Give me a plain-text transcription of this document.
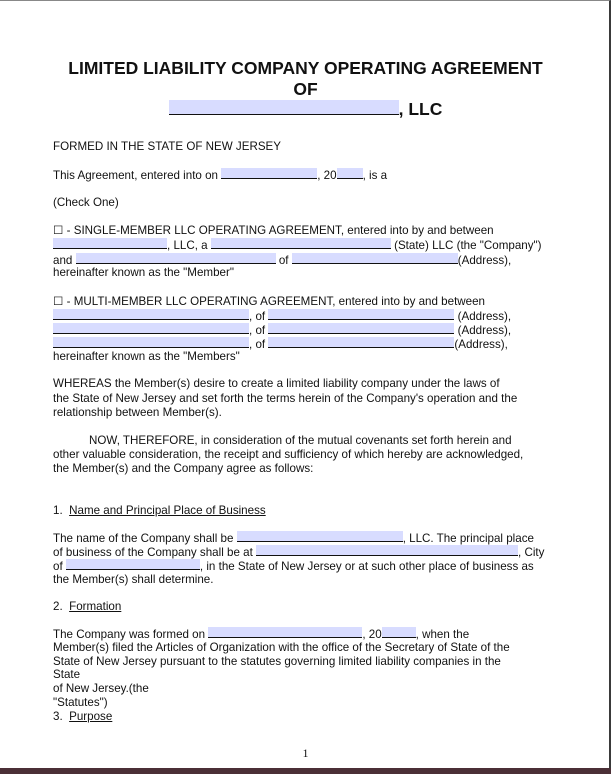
LIMITED LIABILITY COMPANY OPERATING AGREEMENT
OF
, LLC
FORMED IN THE STATE OF NEW JERSEY
This Agreement, entered into on	, 20 , is a
(Check One)
☐ - SINGLE-MEMBER LLC OPERATING AGREEMENT, entered into by and between
, LLC, a	(State) LLC (the "Company")
and	of	(Address),
hereinafter known as the "Member"
☐ - MULTI-MEMBER LLC OPERATING AGREEMENT, entered into by and between
, of	(Address),
, of	(Address),
, of	(Address),
hereinafter known as the "Members"
WHEREAS the Member(s) desire to create a limited liability company under the laws of
the State of New Jersey and set forth the terms herein of the Company's operation and the
relationship between Member(s).
NOW, THEREFORE, in consideration of the mutual covenants set forth herein and
other valuable consideration, the receipt and sufficiency of which hereby are acknowledged,
the Member(s) and the Company agree as follows:
1. Name and Principal Place of Business
The name of the Company shall be	, LLC. The principal place
of business of the Company shall be at	, City
of	, in the State of New Jersey or at such other place of business as
the Member(s) shall determine.
2. Formation
The Company was formed on	, 20	, when the
Member(s) filed the Articles of Organization with the office of the Secretary of State of the
State of New Jersey pursuant to the statutes governing limited liability companies in the
State
of New Jersey.(the
"Statutes")
3. Purpose
1
